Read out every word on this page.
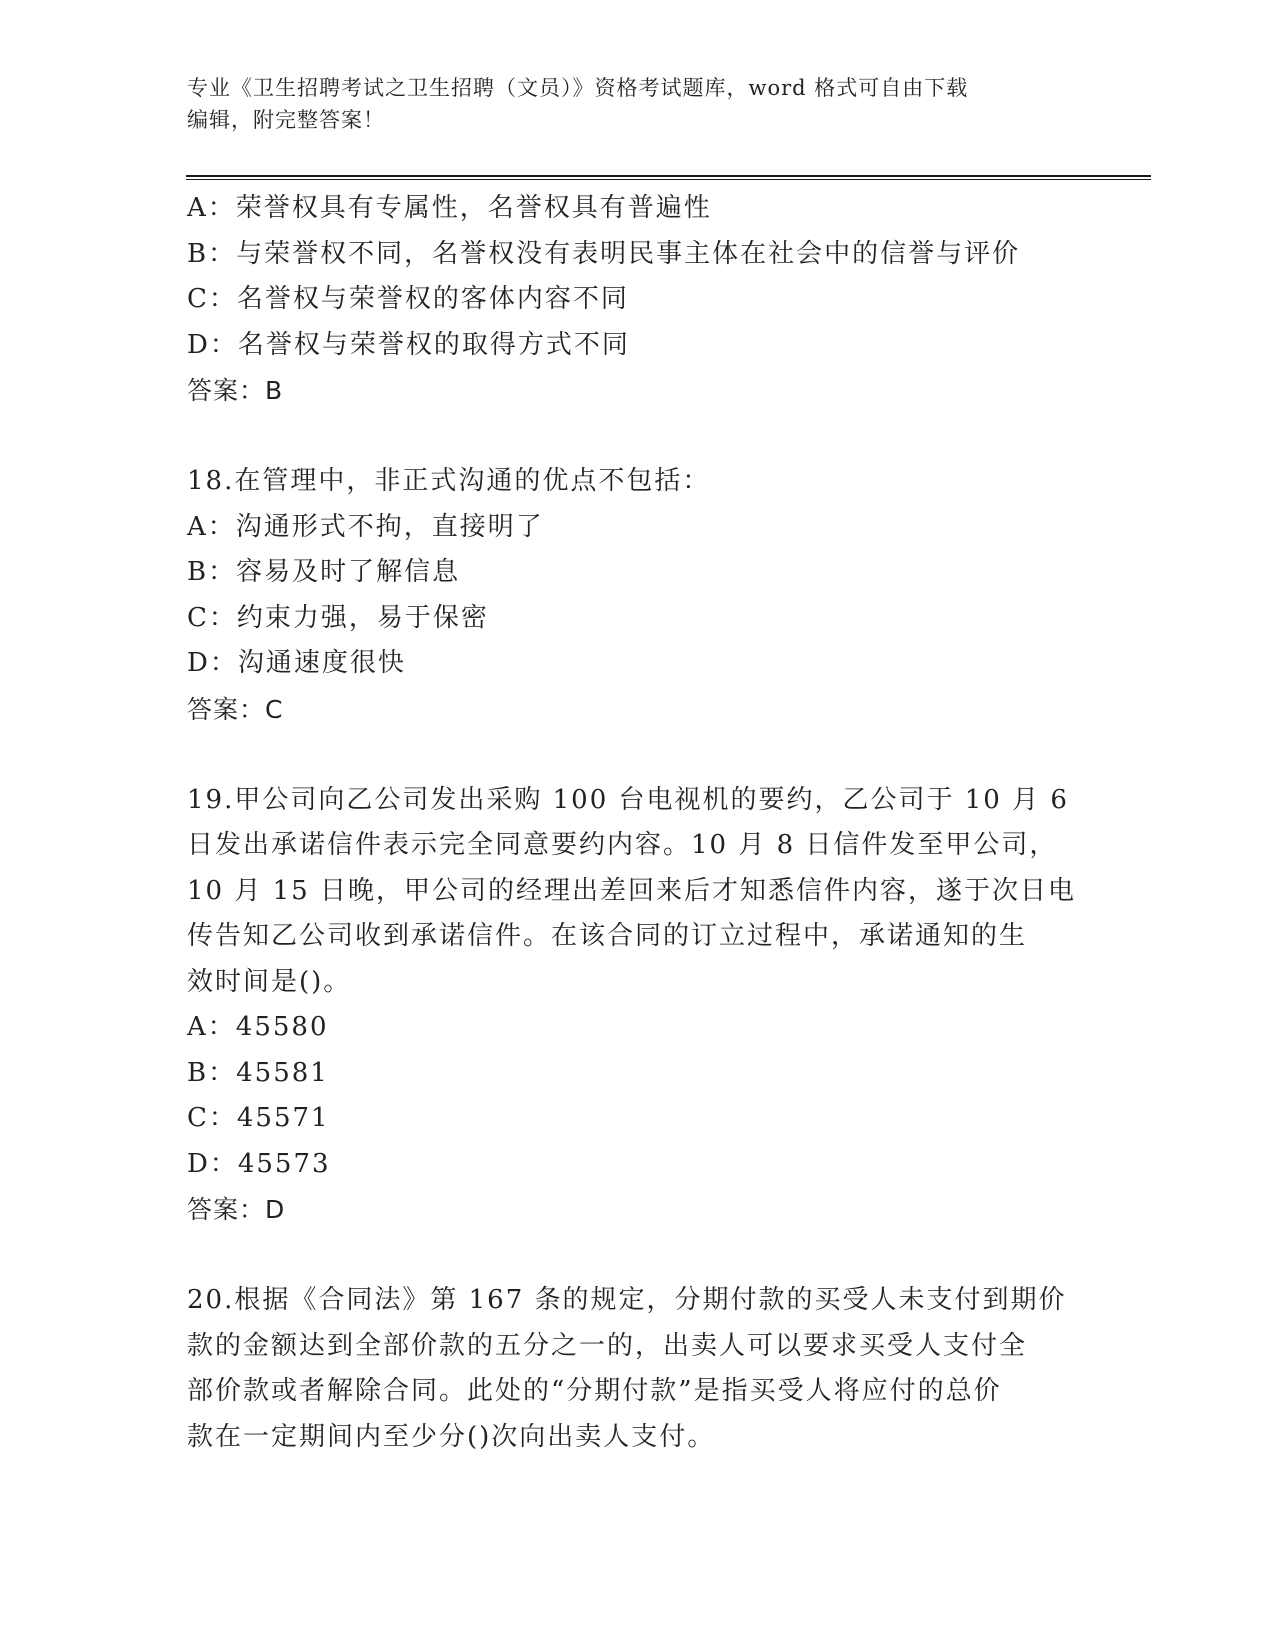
专业《卫生招聘考试之卫生招聘（文员）》资格考试题库，word 格式可自由下载
编辑，附完整答案！
A：荣誉权具有专属性，名誉权具有普遍性
B：与荣誉权不同，名誉权没有表明民事主体在社会中的信誉与评价
C：名誉权与荣誉权的客体内容不同
D：名誉权与荣誉权的取得方式不同
答案：B
18.在管理中，非正式沟通的优点不包括：
A：沟通形式不拘，直接明了
B：容易及时了解信息
C：约束力强，易于保密
D：沟通速度很快
答案：C
19.甲公司向乙公司发出采购 100 台电视机的要约，乙公司于 10 月 6
日发出承诺信件表示完全同意要约内容。10 月 8 日信件发至甲公司，
10 月 15 日晚，甲公司的经理出差回来后才知悉信件内容，遂于次日电
传告知乙公司收到承诺信件。在该合同的订立过程中，承诺通知的生
效时间是()。
A：45580
B：45581
C：45571
D：45573
答案：D
20.根据《合同法》第 167 条的规定，分期付款的买受人未支付到期价
款的金额达到全部价款的五分之一的，出卖人可以要求买受人支付全
部价款或者解除合同。此处的“分期付款”是指买受人将应付的总价
款在一定期间内至少分()次向出卖人支付。
